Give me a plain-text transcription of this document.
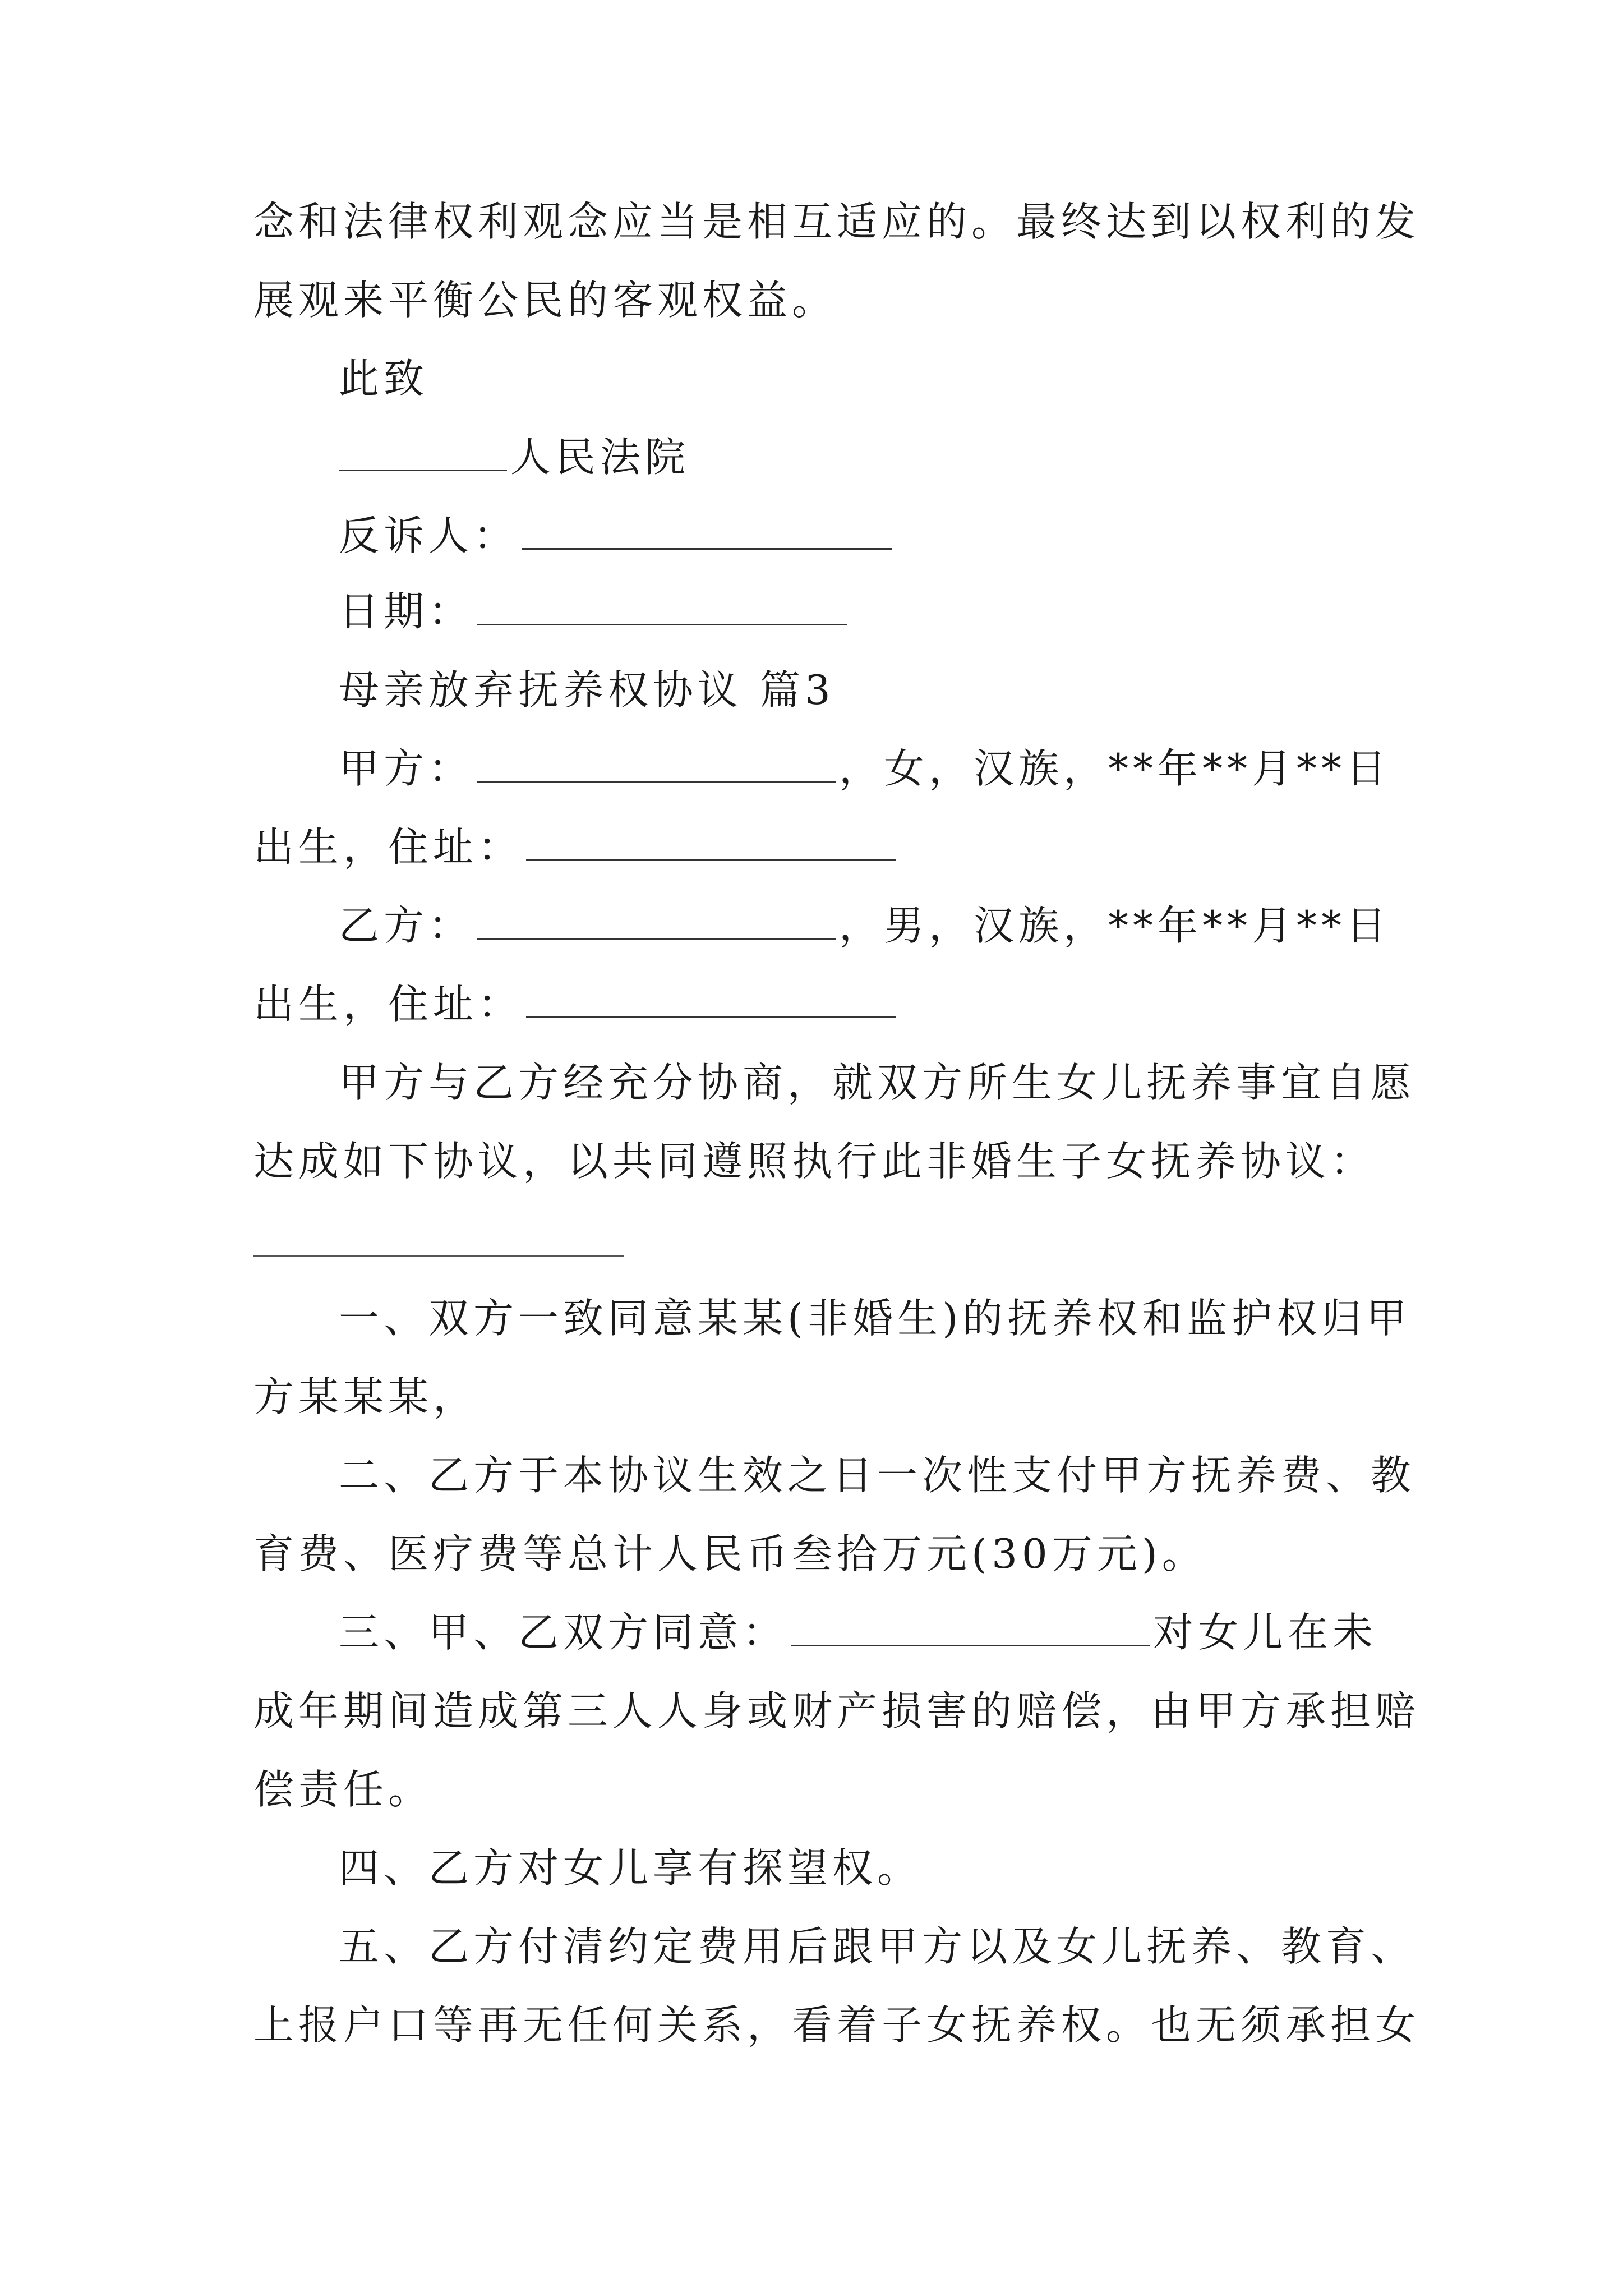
念和法律权利观念应当是相互适应的。最终达到以权利的发
展观来平衡公民的客观权益。
此致
人民法院
反诉人：
日期：
母亲放弃抚养权协议 篇3
甲方：	，女，汉族，**年**月**日
出生，住址：
乙方：	，男，汉族，**年**月**日
出生，住址：
甲方与乙方经充分协商，就双方所生女儿抚养事宜自愿
达成如下协议，以共同遵照执行此非婚生子女抚养协议：
一、双方一致同意某某(非婚生)的抚养权和监护权归甲
方某某某，
二、乙方于本协议生效之日一次性支付甲方抚养费、教
育费、医疗费等总计人民币叁拾万元(30万元)。
三、甲、乙双方同意：	对女儿在未
成年期间造成第三人人身或财产损害的赔偿，由甲方承担赔
偿责任。
四、乙方对女儿享有探望权。
五、乙方付清约定费用后跟甲方以及女儿抚养、教育、
上报户口等再无任何关系，看着子女抚养权。也无须承担女
